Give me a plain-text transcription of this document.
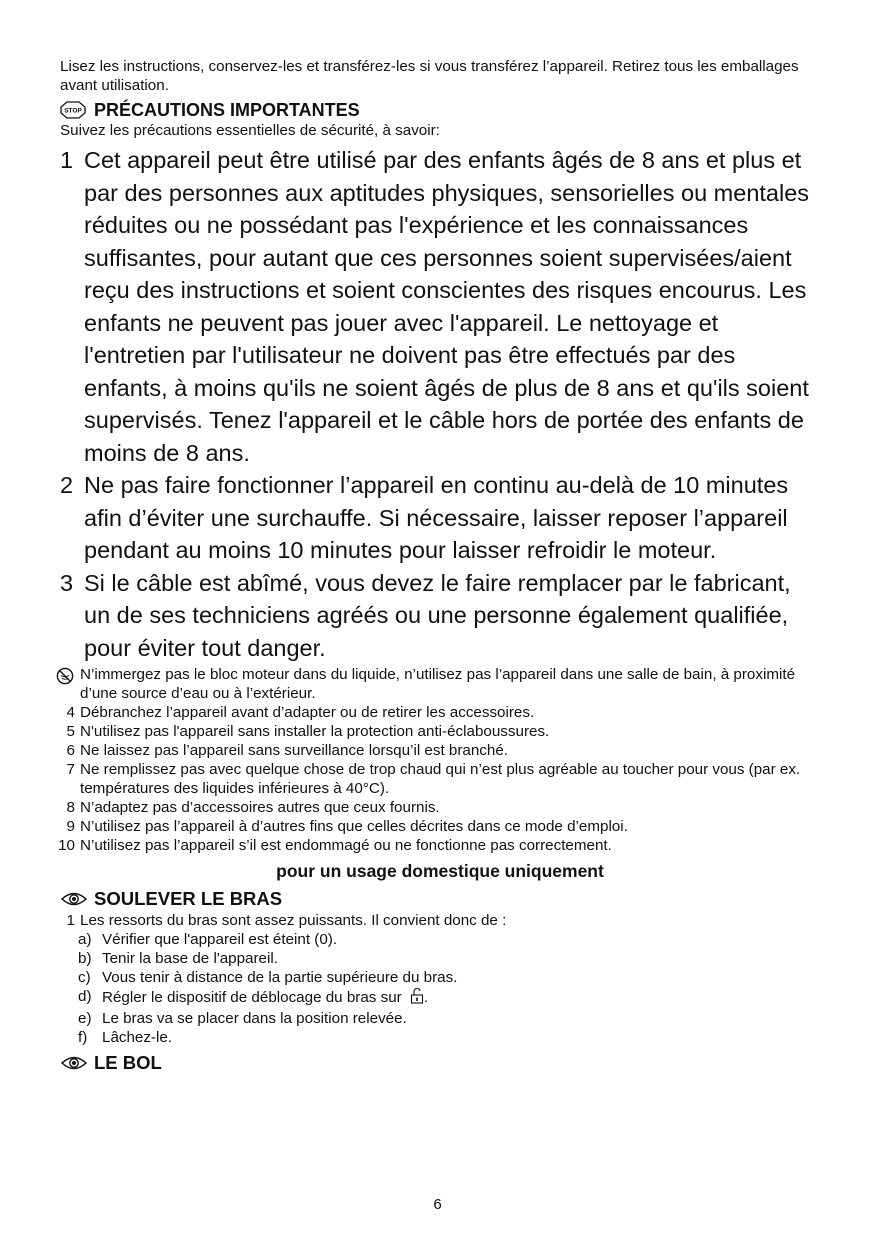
Lisez les instructions, conservez-les et transférez-les si vous transférez l’appareil. Retirez tous les emballages avant utilisation.

STOP PRÉCAUTIONS IMPORTANTES

Suivez les précautions essentielles de sécurité, à savoir:

1 Cet appareil peut être utilisé par des enfants âgés de 8 ans et plus et par des personnes aux aptitudes physiques, sensorielles ou mentales réduites ou ne possédant pas l'expérience et les connaissances suffisantes, pour autant que ces personnes soient supervisées/aient reçu des instructions et soient conscientes des risques encourus. Les enfants ne peuvent pas jouer avec l'appareil. Le nettoyage et l'entretien par l'utilisateur ne doivent pas être effectués par des enfants, à moins qu'ils ne soient âgés de plus de 8 ans et qu'ils soient supervisés. Tenez l'appareil et le câble hors de portée des enfants de moins de 8 ans.
2 Ne pas faire fonctionner l’appareil en continu au-delà de 10 minutes afin d’éviter une surchauffe. Si nécessaire, laisser reposer l’appareil pendant au moins 10 minutes pour laisser refroidir le moteur.
3 Si le câble est abîmé, vous devez le faire remplacer par le fabricant, un de ses techniciens agréés ou une personne également qualifiée, pour éviter tout danger.
N’immergez pas le bloc moteur dans du liquide, n’utilisez pas l’appareil dans une salle de bain, à proximité d’une source d’eau ou à l’extérieur.
4 Débranchez l’appareil avant d’adapter ou de retirer les accessoires.
5 N'utilisez pas l'appareil sans installer la protection anti-éclaboussures.
6 Ne laissez pas l’appareil sans surveillance lorsqu’il est branché.
7 Ne remplissez pas avec quelque chose de trop chaud qui n’est plus agréable au toucher pour vous (par ex. températures des liquides inférieures à 40°C).
8 N’adaptez pas d’accessoires autres que ceux fournis.
9 N’utilisez pas l’appareil à d’autres fins que celles décrites dans ce mode d’emploi.
10 N’utilisez pas l’appareil s’il est endommagé ou ne fonctionne pas correctement.
pour un usage domestique uniquement
SOULEVER LE BRAS
1 Les ressorts du bras sont assez puissants. Il convient donc de :
a) Vérifier que l'appareil est éteint (0).
b) Tenir la base de l'appareil.
c) Vous tenir à distance de la partie supérieure du bras.
d) Régler le dispositif de déblocage du bras sur .
e) Le bras va se placer dans la position relevée.
f) Lâchez-le.
LE BOL
6
